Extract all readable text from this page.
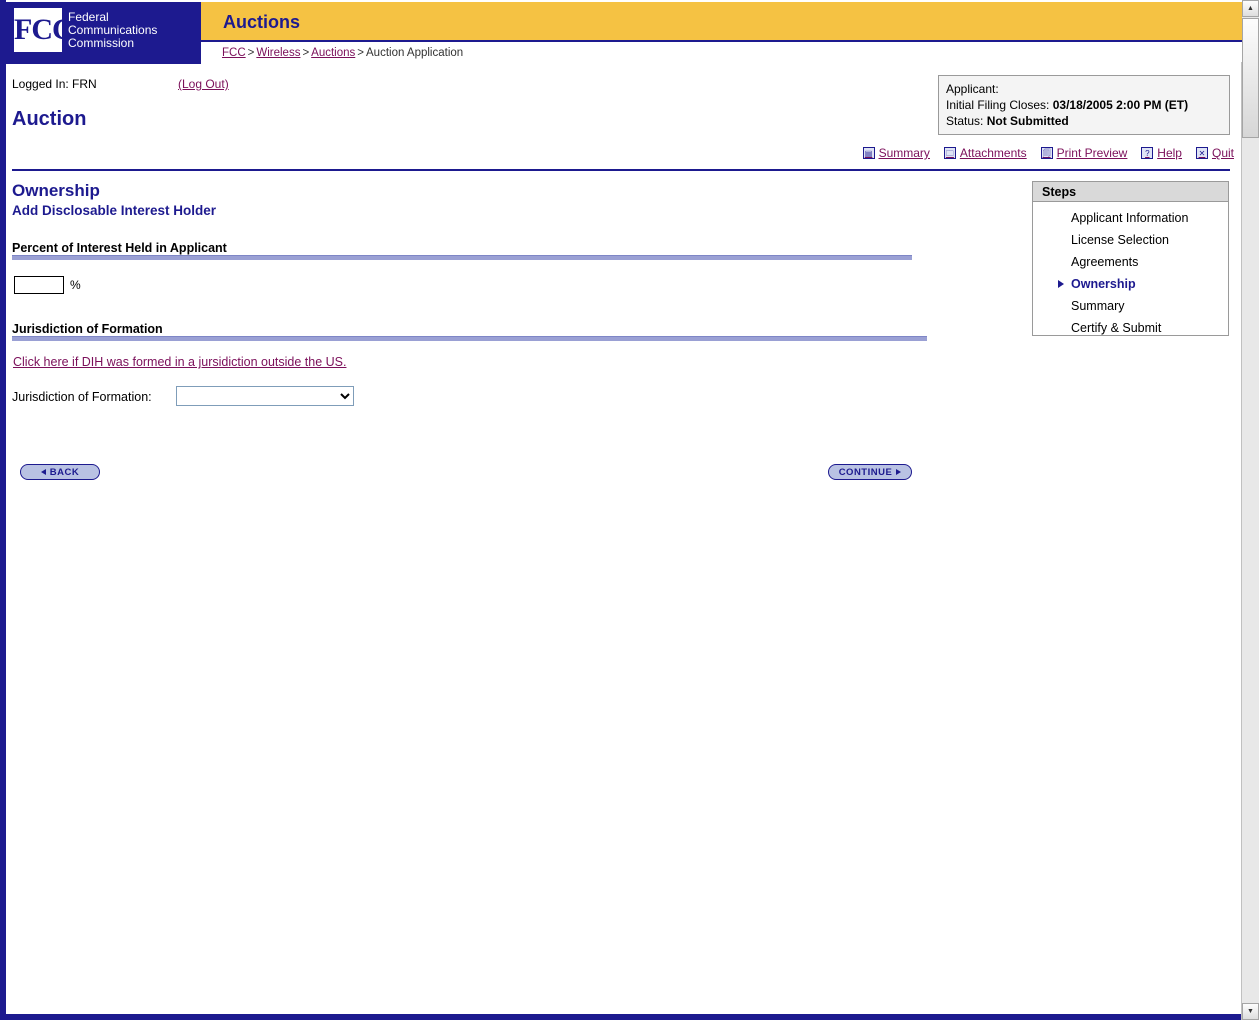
▲
▼
FCC
Federal
Communications
Commission
Auctions
FCC > Wireless > Auctions > Auction Application
Logged In: FRN	(Log Out)
Auction
Applicant:
Initial Filing Closes: 03/18/2005 2:00 PM (ET)
Status: Not Submitted
▤ Summary 🗀 Attachments 🗐 Print Preview	? Help	✕ Quit
Ownership
Add Disclosable Interest Holder
Percent of Interest Held in Applicant
%
Jurisdiction of Formation
Click here if DIH was formed in a jursidiction outside the US.
Jurisdiction of Formation:
Steps
Applicant Information
License Selection
Agreements
Ownership
Summary
Certify & Submit
BACK	CONTINUE
